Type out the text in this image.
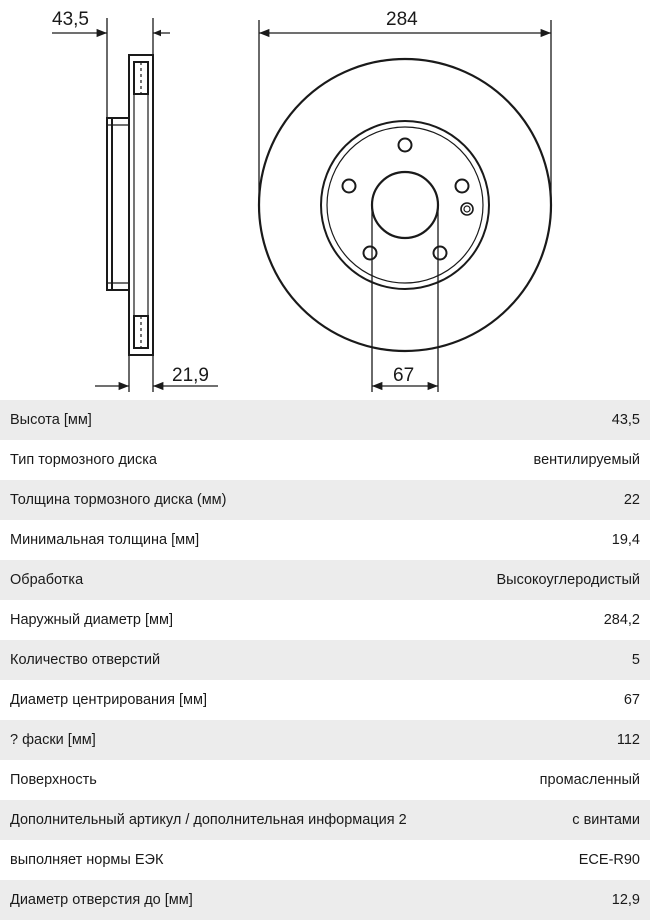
43,5
21,9
284
67
Высота [мм]	43,5
Тип тормозного диска	вентилируемый
Толщина тормозного диска (мм)	22
Минимальная толщина [мм]	19,4
Обработка	Высокоуглеродистый
Наружный диаметр [мм]	284,2
Количество отверстий	5
Диаметр центрирования [мм]	67
? фаски [мм]	112
Поверхность	промасленный
Дополнительный артикул / дополнительная информация 2	с винтами
выполняет нормы ЕЭК	ECE-R90
Диаметр отверстия до [мм]	12,9
